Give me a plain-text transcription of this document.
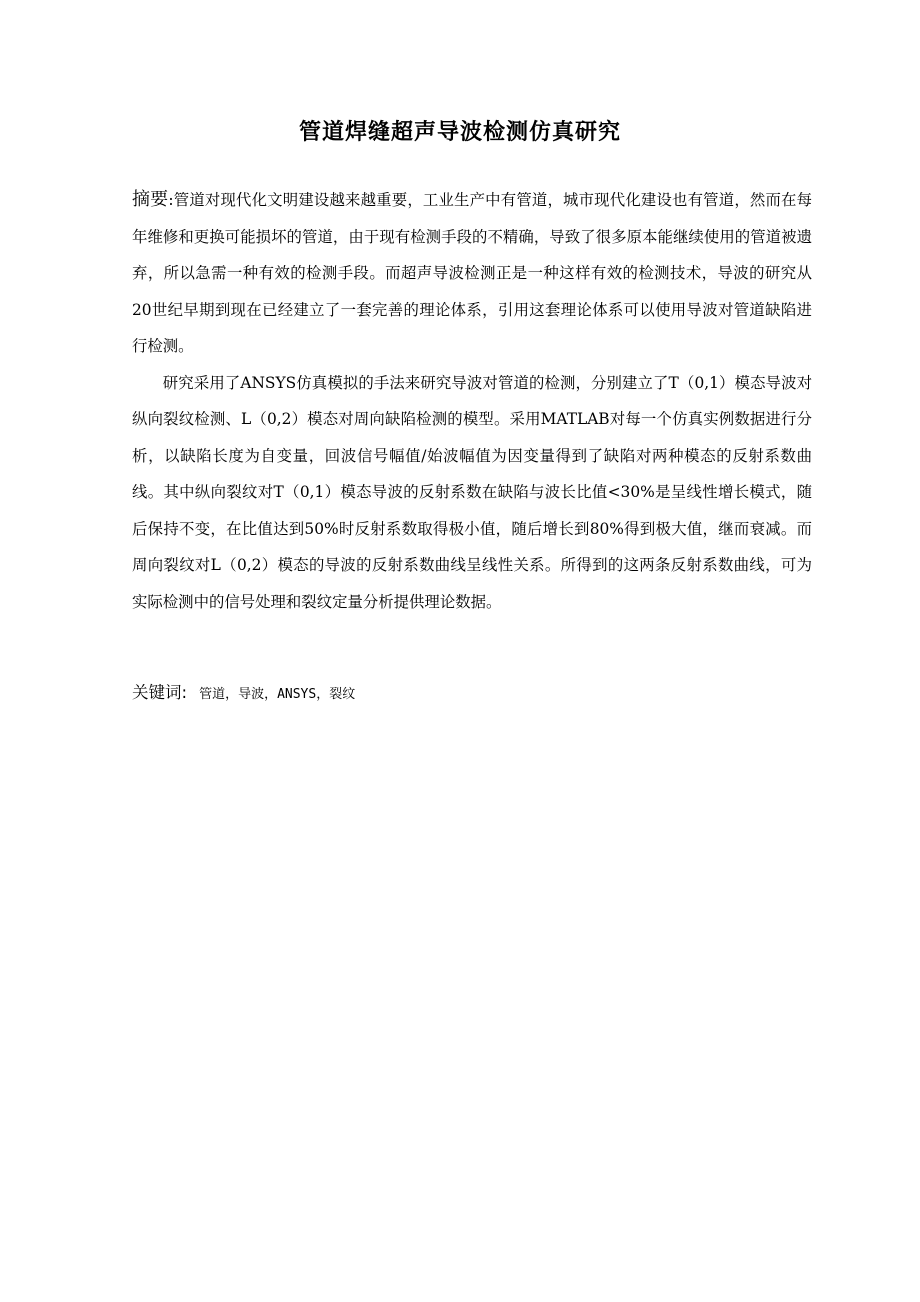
管道焊缝超声导波检测仿真研究

摘要:管道对现代化文明建设越来越重要，工业生产中有管道，城市现代化建设也有管道，然而在每年维修和更换可能损坏的管道，由于现有检测手段的不精确，导致了很多原本能继续使用的管道被遗弃，所以急需一种有效的检测手段。而超声导波检测正是一种这样有效的检测技术，导波的研究从20世纪早期到现在已经建立了一套完善的理论体系，引用这套理论体系可以使用导波对管道缺陷进行检测。

研究采用了ANSYS仿真模拟的手法来研究导波对管道的检测，分别建立了T（0,1）模态导波对纵向裂纹检测、L（0,2）模态对周向缺陷检测的模型。采用MATLAB对每一个仿真实例数据进行分析，以缺陷长度为自变量，回波信号幅值/始波幅值为因变量得到了缺陷对两种模态的反射系数曲线。其中纵向裂纹对T（0,1）模态导波的反射系数在缺陷与波长比值<30%是呈线性增长模式，随后保持不变，在比值达到50%时反射系数取得极小值，随后增长到80%得到极大值，继而衰减。而周向裂纹对L（0,2）模态的导波的反射系数曲线呈线性关系。所得到的这两条反射系数曲线，可为实际检测中的信号处理和裂纹定量分析提供理论数据。

关键词: 管道，导波，ANSYS，裂纹
